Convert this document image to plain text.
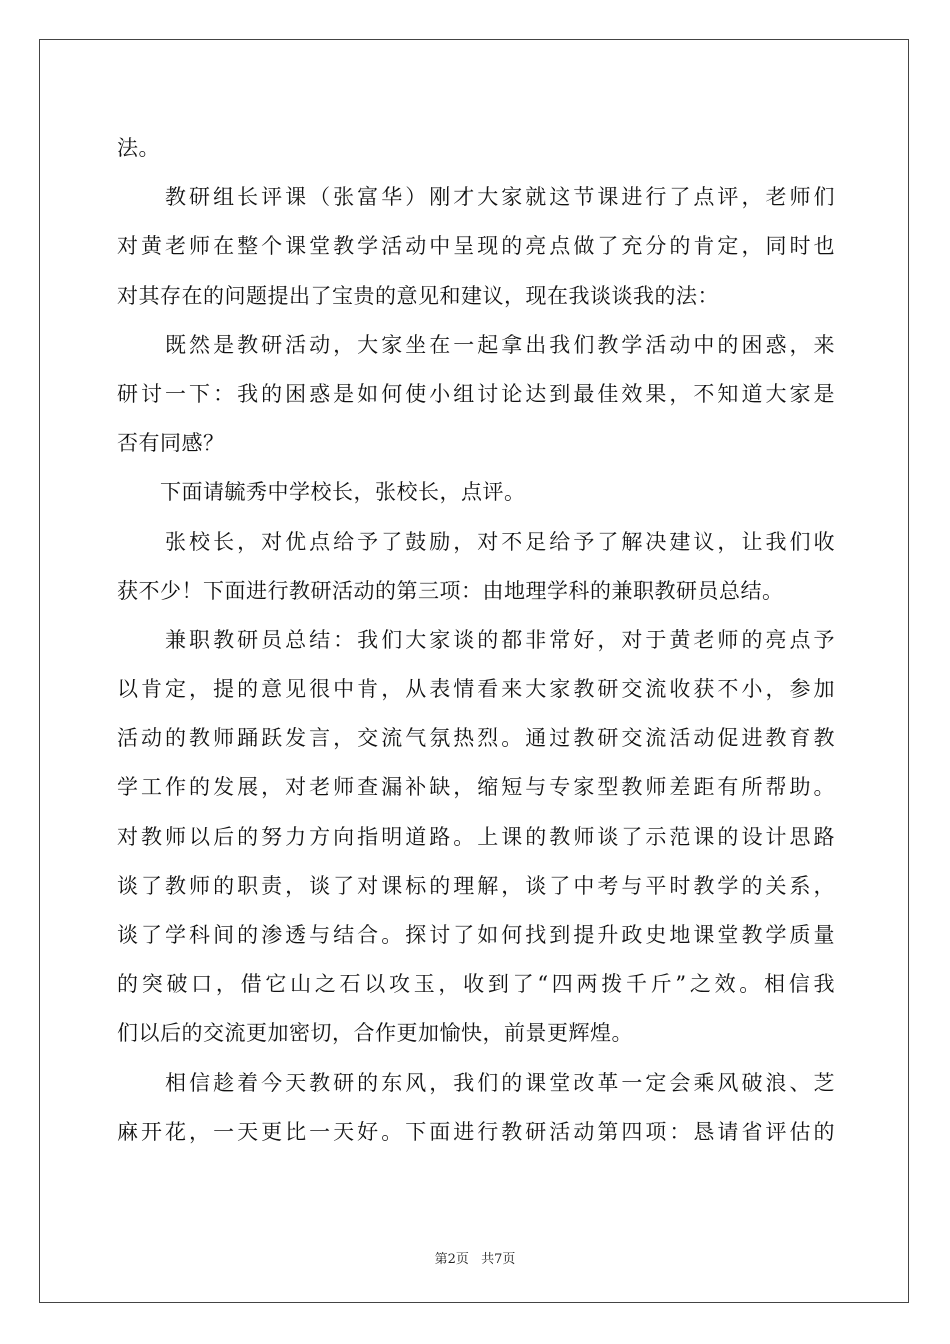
法。
　　教研组长评课（张富华）刚才大家就这节课进行了点评，老师们
对黄老师在整个课堂教学活动中呈现的亮点做了充分的肯定，同时也
对其存在的问题提出了宝贵的意见和建议，现在我谈谈我的法：
　　既然是教研活动，大家坐在一起拿出我们教学活动中的困惑，来
研讨一下：我的困惑是如何使小组讨论达到最佳效果，不知道大家是
否有同感？
　　下面请毓秀中学校长，张校长，点评。
　　张校长，对优点给予了鼓励，对不足给予了解决建议，让我们收
获不少！下面进行教研活动的第三项：由地理学科的兼职教研员总结。
　　兼职教研员总结：我们大家谈的都非常好，对于黄老师的亮点予
以肯定，提的意见很中肯，从表情看来大家教研交流收获不小，参加
活动的教师踊跃发言，交流气氛热烈。通过教研交流活动促进教育教
学工作的发展，对老师查漏补缺，缩短与专家型教师差距有所帮助。
对教师以后的努力方向指明道路。上课的教师谈了示范课的设计思路
谈了教师的职责，谈了对课标的理解，谈了中考与平时教学的关系，
谈了学科间的渗透与结合。探讨了如何找到提升政史地课堂教学质量
的突破口，借它山之石以攻玉，收到了“四两拨千斤”之效。相信我
们以后的交流更加密切，合作更加愉快，前景更辉煌。
　　相信趁着今天教研的东风，我们的课堂改革一定会乘风破浪、芝
麻开花，一天更比一天好。下面进行教研活动第四项：恳请省评估的
第2页 共7页
